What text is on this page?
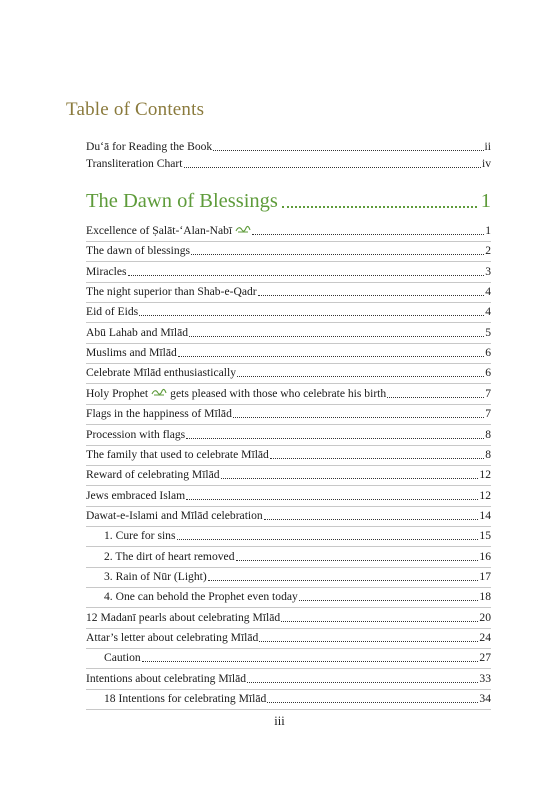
Table of Contents
Du‘ā for Reading the Book	ii
Transliteration Chart	iv
The Dawn of Blessings	1
Excellence of Ṣalāt-‘Alan-Nabī	1
The dawn of blessings	2
Miracles	3
The night superior than Shab-e-Qadr	4
Eid of Eids	4
Abū Lahab and Mīlād	5
Muslims and Mīlād	6
Celebrate Mīlād enthusiastically	6
Holy Prophet gets pleased with those who celebrate his birth	7
Flags in the happiness of Mīlād	7
Procession with flags	8
The family that used to celebrate Mīlād	8
Reward of celebrating Mīlād	12
Jews embraced Islam	12
Dawat-e-Islami and Mīlād celebration	14
1. Cure for sins	15
2. The dirt of heart removed	16
3. Rain of Nūr (Light)	17
4. One can behold the Prophet even today	18
12 Madanī pearls about celebrating Mīlād	20
Attar’s letter about celebrating Mīlād	24
Caution	27
Intentions about celebrating Mīlād	33
18 Intentions for celebrating Mīlād	34
iii
